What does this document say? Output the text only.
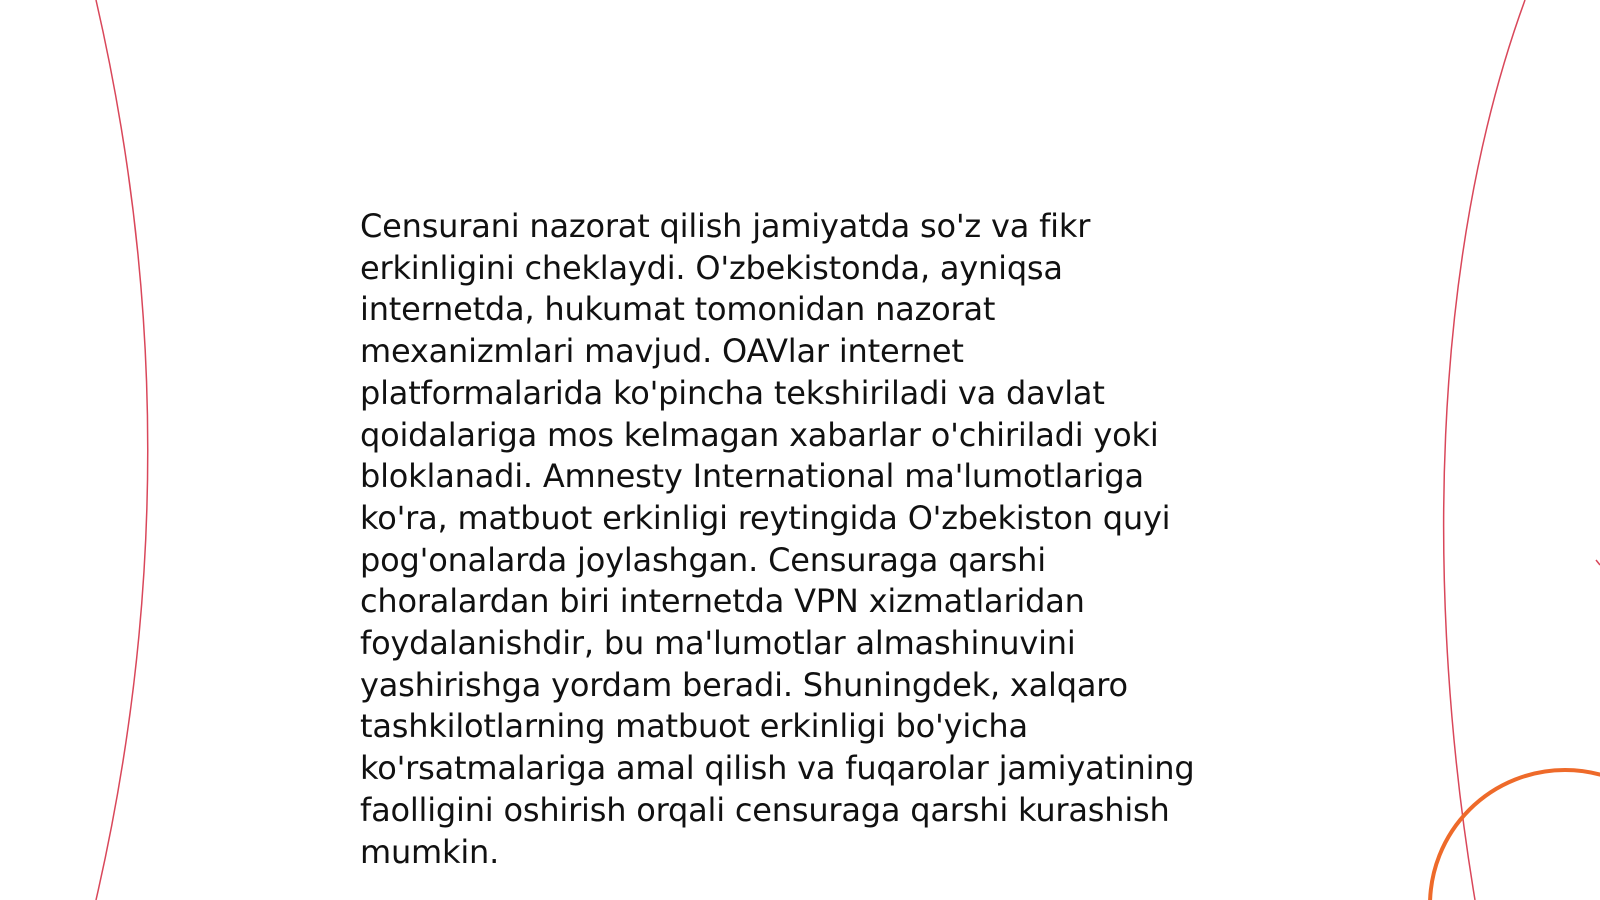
Censurani nazorat qilish jamiyatda so'z va fikr
erkinligini cheklaydi. O'zbekistonda, ayniqsa
internetda, hukumat tomonidan nazorat
mexanizmlari mavjud. OAVlar internet
platformalarida ko'pincha tekshiriladi va davlat
qoidalariga mos kelmagan xabarlar o'chiriladi yoki
bloklanadi. Amnesty International ma'lumotlariga
ko'ra, matbuot erkinligi reytingida O'zbekiston quyi
pog'onalarda joylashgan. Censuraga qarshi
choralardan biri internetda VPN xizmatlaridan
foydalanishdir, bu ma'lumotlar almashinuvini
yashirishga yordam beradi. Shuningdek, xalqaro
tashkilotlarning matbuot erkinligi bo'yicha
ko'rsatmalariga amal qilish va fuqarolar jamiyatining
faolligini oshirish orqali censuraga qarshi kurashish
mumkin.
